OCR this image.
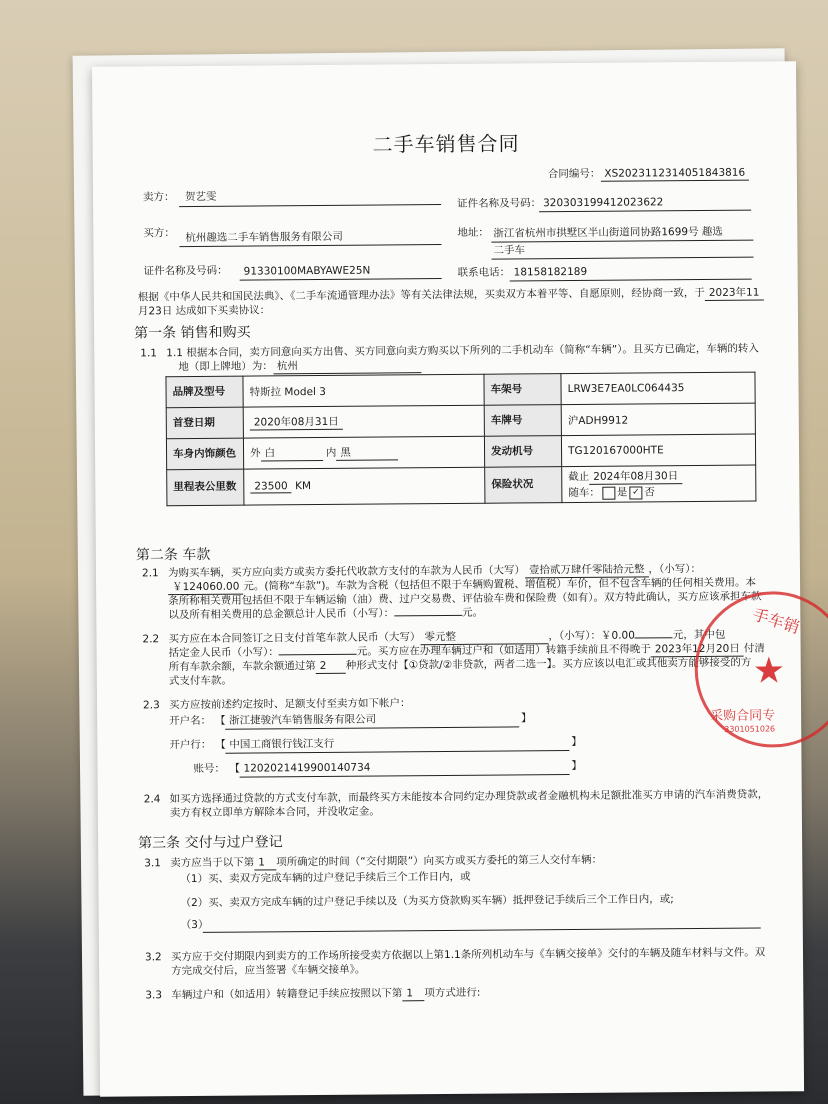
二手车销售合同
合同编号： XS2023112314051843816
卖方： 贺艺雯
证件名称及号码： 320303199412023622
买方： 杭州趣选二手车销售服务有限公司	地址： 浙江省杭州市拱墅区半山街道同协路1699号 趣选
二手车
证件名称及号码： 91330100MABYAWE25N	联系电话： 18158182189
根据《中华人民共和国民法典》、《二手车流通管理办法》等有关法律法规，买卖双方本着平等、自愿原则，经协商一致，于 2023年11
月23日 达成如下买卖协议：
第一条 销售和购买
1.1 1.1 根据本合同，卖方同意向买方出售、买方同意向卖方购买以下所列的二手机动车（简称“车辆”）。且买方已确定，车辆的转入
地（即上牌地）为： 杭州
品牌及型号	特斯拉 Model 3	车架号	LRW3E7EA0LC064435
首登日期	2020年08月31日	车牌号	沪ADH9912
车身内饰颜色	外 白 内 黑	发动机号	TG120167000HTE
里程表公里数	23500 KM	保险状况	截止 2024年08月30日
随车： 是 ✓ 否
第二条 车款
2.1 为购买车辆，买方应向卖方或卖方委托代收款方支付的车款为人民币（大写） 壹拾贰万肆仟零陆拾元整 ，（小写）：
￥124060.00 元。(简称“车款”)。车款为含税（包括但不限于车辆购置税、增值税）车价，但不包含车辆的任何相关费用。本
条所称相关费用包括但不限于车辆运输（油）费、过户交易费、评估验车费和保险费（如有）。双方特此确认，买方应该承担车款
以及所有相关费用的总金额总计人民币（小写）：	元。
2.2 买方应在本合同签订之日支付首笔车款人民币（大写） 零元整	，（小写）：￥0.00	元，其中包
括定金人民币（小写）：	元。买方应在办理车辆过户和（如适用）转籍手续前且不得晚于 2023年12月20日 付清
所有车款余额，车款余额通过第 2 种形式支付【①贷款/②非贷款，两者二选一】。买方应该以电汇或其他卖方能够接受的方
式支付车款。
2.3 买方应按前述约定按时、足额支付至卖方如下帐户：
开户名： 【 浙江捷骏汽车销售服务有限公司	】
开户行： 【 中国工商银行钱江支行	】
账号： 【 1202021419900140734	】
2.4 如买方选择通过贷款的方式支付车款，而最终买方未能按本合同约定办理贷款或者金融机构未足额批准买方申请的汽车消费贷款，
卖方有权立即单方解除本合同，并没收定金。
第三条 交付与过户登记
3.1 卖方应当于以下第 1 项所确定的时间（“交付期限”）向买方或买方委托的第三人交付车辆：
（1）买、卖双方完成车辆的过户登记手续后三个工作日内，或
（2）买、卖双方完成车辆的过户登记手续以及（为买方贷款购买车辆）抵押登记手续后三个工作日内，或;
（3）
3.2 买方应于交付期限内到卖方的工作场所接受卖方依据以上第1.1条所列机动车与《车辆交接单》交付的车辆及随车材料与文件。双
方完成交付后，应当签署《车辆交接单》。
3.3 车辆过户和（如适用）转籍登记手续应按照以下第 1 项方式进行:
手车销
★
采购合同专
3301051026
